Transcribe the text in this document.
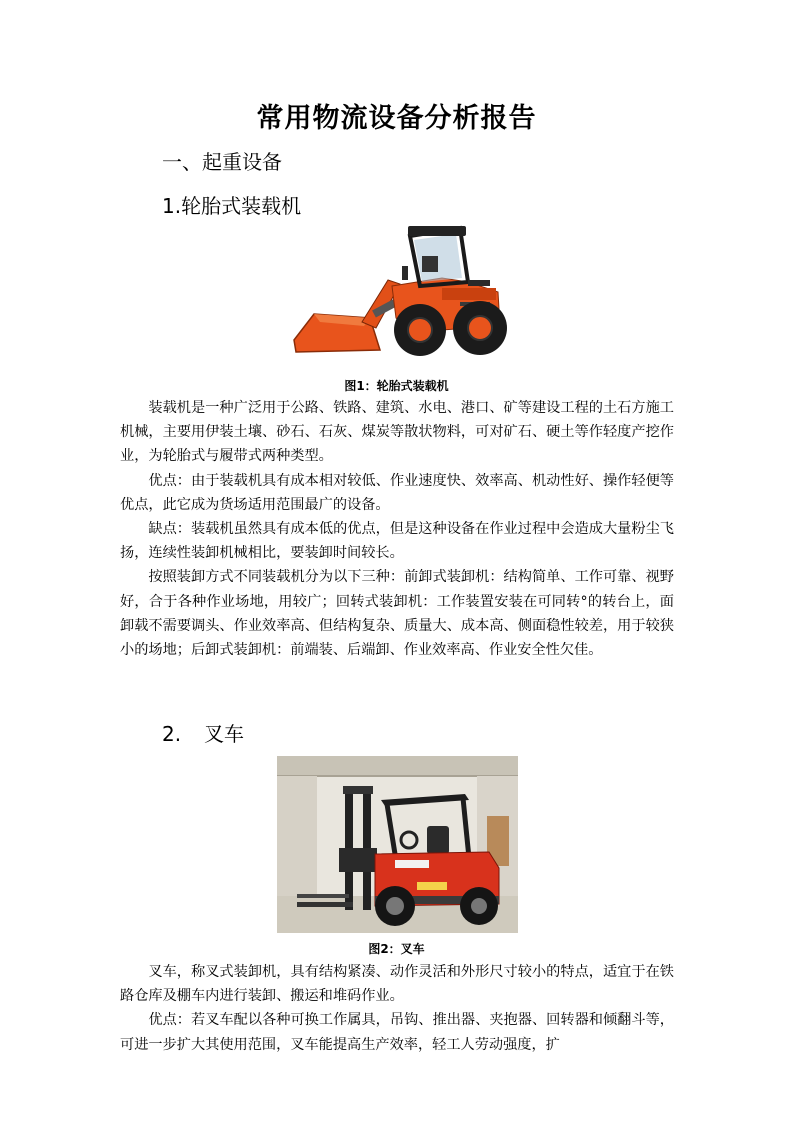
常用物流设备分析报告
一、起重设备
1.轮胎式装载机
图1：轮胎式装载机

装载机是一种广泛用于公路、铁路、建筑、水电、港口、矿等建设工程的土石方施工机械，主要用伊装土壤、砂石、石灰、煤炭等散状物料，可对矿石、硬土等作轻度产挖作业，为轮胎式与履带式两种类型。

优点：由于装载机具有成本相对较低、作业速度快、效率高、机动性好、操作轻便等优点，此它成为货场适用范围最广的设备。

缺点：装载机虽然具有成本低的优点，但是这种设备在作业过程中会造成大量粉尘飞扬，连续性装卸机械相比，要装卸时间较长。

按照装卸方式不同装载机分为以下三种：前卸式装卸机：结构简单、工作可靠、视野好，合于各种作业场地，用较广；回转式装卸机：工作装置安装在可同转°的转台上，面卸载不需要调头、作业效率高、但结构复杂、质量大、成本高、侧面稳性较差，用于较狭小的场地；后卸式装卸机：前端装、后端卸、作业效率高、作业安全性欠佳。

2. 叉车
图2：叉车

叉车，称叉式装卸机，具有结构紧凑、动作灵活和外形尺寸较小的特点，适宜于在铁路仓库及棚车内进行装卸、搬运和堆码作业。

优点：若叉车配以各种可换工作属具，吊钩、推出器、夹抱器、回转器和倾翻斗等，可进一步扩大其使用范围，叉车能提高生产效率，轻工人劳动强度，扩
